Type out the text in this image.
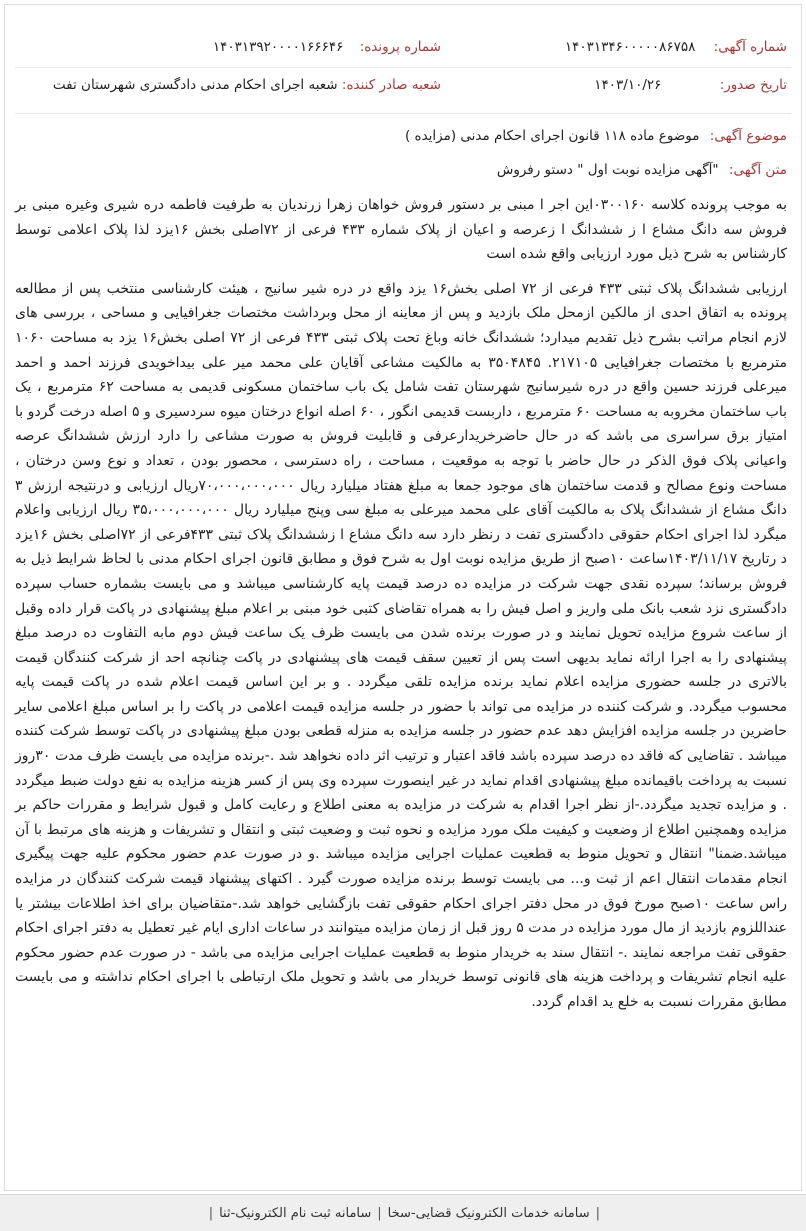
شماره آگهی: ۱۴۰۳۱۳۴۶۰۰۰۰۰۸۶۷۵۸
شماره پرونده: ۱۴۰۳۱۳۹۲۰۰۰۰۱۶۶۶۴۶
تاریخ صدور: ۱۴۰۳/۱۰/۲۶
شعبه صادر کننده: شعبه اجرای احکام مدنی دادگستری شهرستان تفت
موضوع آگهی: موضوع ماده ۱۱۸ قانون اجرای احکام مدنی (مزایده )
متن آگهی: "آگهی مزایده نوبت اول " دستو رفروش

به موجب پرونده کلاسه ۰۳۰۰۱۶۰این اجر ا مبنی بر دستور فروش خواهان زهرا زرندیان به طرفیت فاطمه دره شیری وغیره مبنی بر فروش سه دانگ مشاع ا ز ششدانگ ا زعرصه و اعیان از پلاک شماره ۴۳۳ فرعی از ۷۲اصلی بخش ۱۶یزد لذا پلاک اعلامی توسط کارشناس به شرح ذیل مورد ارزیابی واقع شده است

ارزیابی ششدانگ پلاک ثبتی ۴۳۳ فرعی از ۷۲ اصلی بخش۱۶ یزد واقع در دره شیر سانیج ، هیئت کارشناسی منتخب پس از مطالعه پرونده به اتفاق احدی از مالکین ازمحل ملک بازدید و پس از معاینه از محل وبرداشت مختصات جغرافیایی و مساحی ، بررسی های لازم انجام مراتب بشرح ذیل تقدیم میدارد؛ ششدانگ خانه وباغ تحت پلاک ثبتی ۴۳۳ فرعی از ۷۲ اصلی بخش۱۶ یزد به مساحت ۱۰۶۰ مترمربع با مختصات جغرافیایی ۲۱۷۱۰۵. ۳۵۰۴۸۴۵ به مالکیت مشاعی آقایان علی محمد میر علی بیداخویدی فرزند احمد و احمد میرعلی فرزند حسین واقع در دره شیرسانیج شهرستان تفت شامل یک باب ساختمان مسکونی قدیمی به مساحت ۶۲ مترمربع ، یک باب ساختمان مخروبه به مساحت ۶۰ مترمربع ، داربست قدیمی انگور ، ۶۰ اصله انواع درختان میوه سردسیری و ۵ اصله درخت گردو با امتیاز برق سراسری می باشد که در حال حاضرخریدارعرفی و قابلیت فروش به صورت مشاعی را دارد ارزش ششدانگ عرصه واعیانی پلاک فوق الذکر در حال حاضر با توجه به موقعیت ، مساحت ، راه دسترسی ، محصور بودن ، تعداد و نوع وسن درختان ، مساحت ونوع مصالح و قدمت ساختمان های موجود جمعا به مبلغ هفتاد میلیارد ریال ۷۰،۰۰۰،۰۰۰،۰۰۰ریال ارزیابی و درنتیجه ارزش ۳ دانگ مشاع از ششدانگ پلاک به مالکیت آقای علی محمد میرعلی به مبلغ سی وپنج میلیارد ریال ۳۵،۰۰۰،۰۰۰،۰۰۰ ریال ارزیابی واعلام میگرد لذا اجرای احکام حقوقی دادگستری تفت د رنظر دارد سه دانگ مشاع ا زششدانگ پلاک ثبتی ۴۳۳فرعی از ۷۲اصلی بخش ۱۶یزد د رتاریخ ۱۴۰۳/۱۱/۱۷ساعت ۱۰صبح از طریق مزایده نوبت اول به شرح فوق و مطابق قانون اجرای احکام مدنی با لحاظ شرایط ذیل به فروش برساند؛ سپرده نقدی جهت شرکت در مزایده ده درصد قیمت پایه کارشناسی میباشد و می بایست بشماره حساب سپرده دادگستری نزد شعب بانک ملی واریز و اصل فیش را به همراه تقاضای کتبی خود مبنی بر اعلام مبلغ پیشنهادی در پاکت قرار داده وقبل از ساعت شروع مزایده تحویل نمایند و در صورت برنده شدن می بایست ظرف یک ساعت فیش دوم مابه التفاوت ده درصد مبلغ پیشنهادی را به اجرا ارائه نماید بدیهی است پس از تعیین سقف قیمت های پیشنهادی در پاکت چنانچه احد از شرکت کنندگان قیمت بالاتری در جلسه حضوری مزایده اعلام نماید برنده مزایده تلقی میگردد . و بر این اساس قیمت اعلام شده در پاکت قیمت پایه محسوب میگردد. و شرکت کننده در مزایده می تواند با حضور در جلسه مزایده قیمت اعلامی در پاکت را بر اساس مبلغ اعلامی سایر حاضرین در جلسه مزایده افزایش دهد عدم حضور در جلسه مزایده به منزله قطعی بودن مبلغ پیشنهادی در پاکت توسط شرکت کننده میباشد . تقاضایی که فاقد ده درصد سپرده باشد فاقد اعتبار و ترتیب اثر داده نخواهد شد .-برنده مزایده می بایست ظرف مدت ۳۰روز نسبت به پرداخت باقیمانده مبلغ پیشنهادی اقدام نماید در غیر اینصورت سپرده وی پس از کسر هزینه مزایده به نفع دولت ضبط میگردد . و مزایده تجدید میگردد.-از نظر اجرا اقدام به شرکت در مزایده به معنی اطلاع و رعایت کامل و قبول شرایط و مقررات حاکم بر مزایده وهمچنین اطلاع از وضعیت و کیفیت ملک مورد مزایده و نحوه ثبت و وضعیت ثبتی و انتقال و تشریفات و هزینه های مرتبط با آن میباشد.ضمنا" انتقال و تحویل منوط به قطعیت عملیات اجرایی مزایده میباشد .و در صورت عدم حضور محکوم علیه جهت پیگیری انجام مقدمات انتقال اعم از ثبت و... می بایست توسط برنده مزایده صورت گیرد . اکتهای پیشنهاد قیمت شرکت کنندگان در مزایده راس ساعت ۱۰صبح مورخ فوق در محل دفتر اجرای احکام حقوقی تفت بازگشایی خواهد شد.-متقاضیان برای اخذ اطلاعات بیشتر یا عنداللزوم بازدید از مال مورد مزایده در مدت ۵ روز قبل از زمان مزایده میتوانند در ساعات اداری ایام غیر تعطیل به دفتر اجرای احکام حقوقی تفت مراجعه نمایند .- انتقال سند به خریدار منوط به قطعیت عملیات اجرایی مزایده می باشد - در صورت عدم حضور محکوم علیه انجام تشریفات و پرداخت هزینه های قانونی توسط خریدار می باشد و تحویل ملک ارتباطی با اجرای احکام نداشته و می بایست مطابق مقررات نسبت به خلع ید اقدام گردد.

|
سامانه خدمات الکترونیک قضایی-سخا
|
سامانه ثبت نام الکترونیک-ثنا
|
